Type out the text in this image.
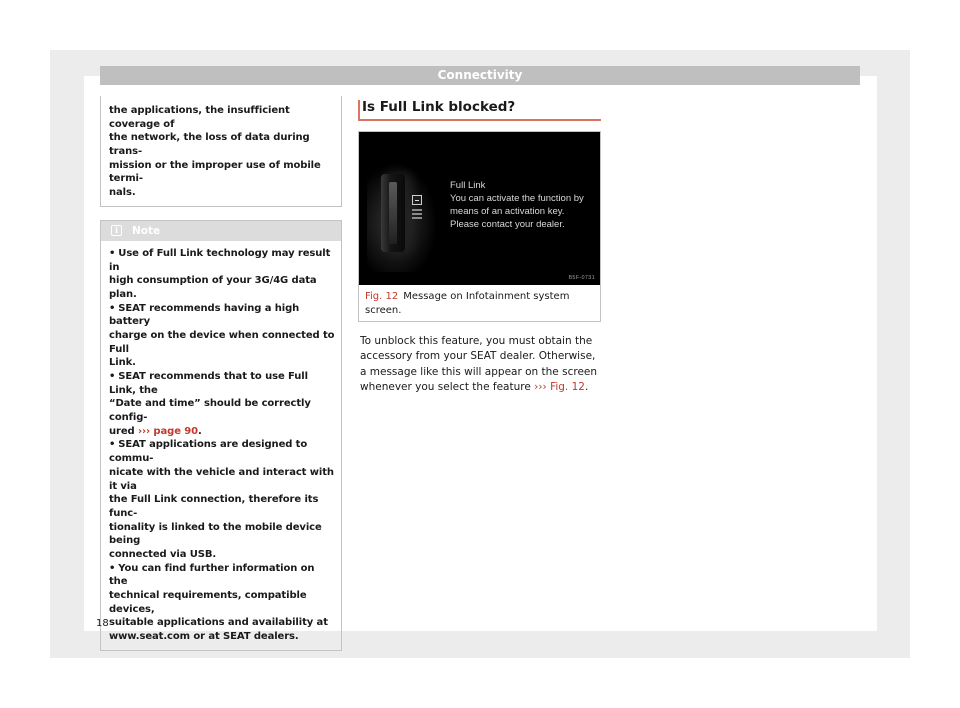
Connectivity
the applications, the insufficient coverage of
the network, the loss of data during trans-
mission or the improper use of mobile termi-
nals.
i	Note
• Use of Full Link technology may result in
high consumption of your 3G/4G data plan.
• SEAT recommends having a high battery
charge on the device when connected to Full
Link.
• SEAT recommends that to use Full Link, the
“Date and time” should be correctly config-
ured ››› page 90.
• SEAT applications are designed to commu-
nicate with the vehicle and interact with it via
the Full Link connection, therefore its func-
tionality is linked to the mobile device being
connected via USB.
• You can find further information on the
technical requirements, compatible devices,
suitable applications and availability at
www.seat.com or at SEAT dealers.
Is Full Link blocked?
Full Link
You can activate the function by
means of an activation key.
Please contact your dealer.
B5F-0731
Fig. 12 Message on Infotainment system
screen.
To unblock this feature, you must obtain the
accessory from your SEAT dealer. Otherwise,
a message like this will appear on the screen
whenever you select the feature ››› Fig. 12.
18
